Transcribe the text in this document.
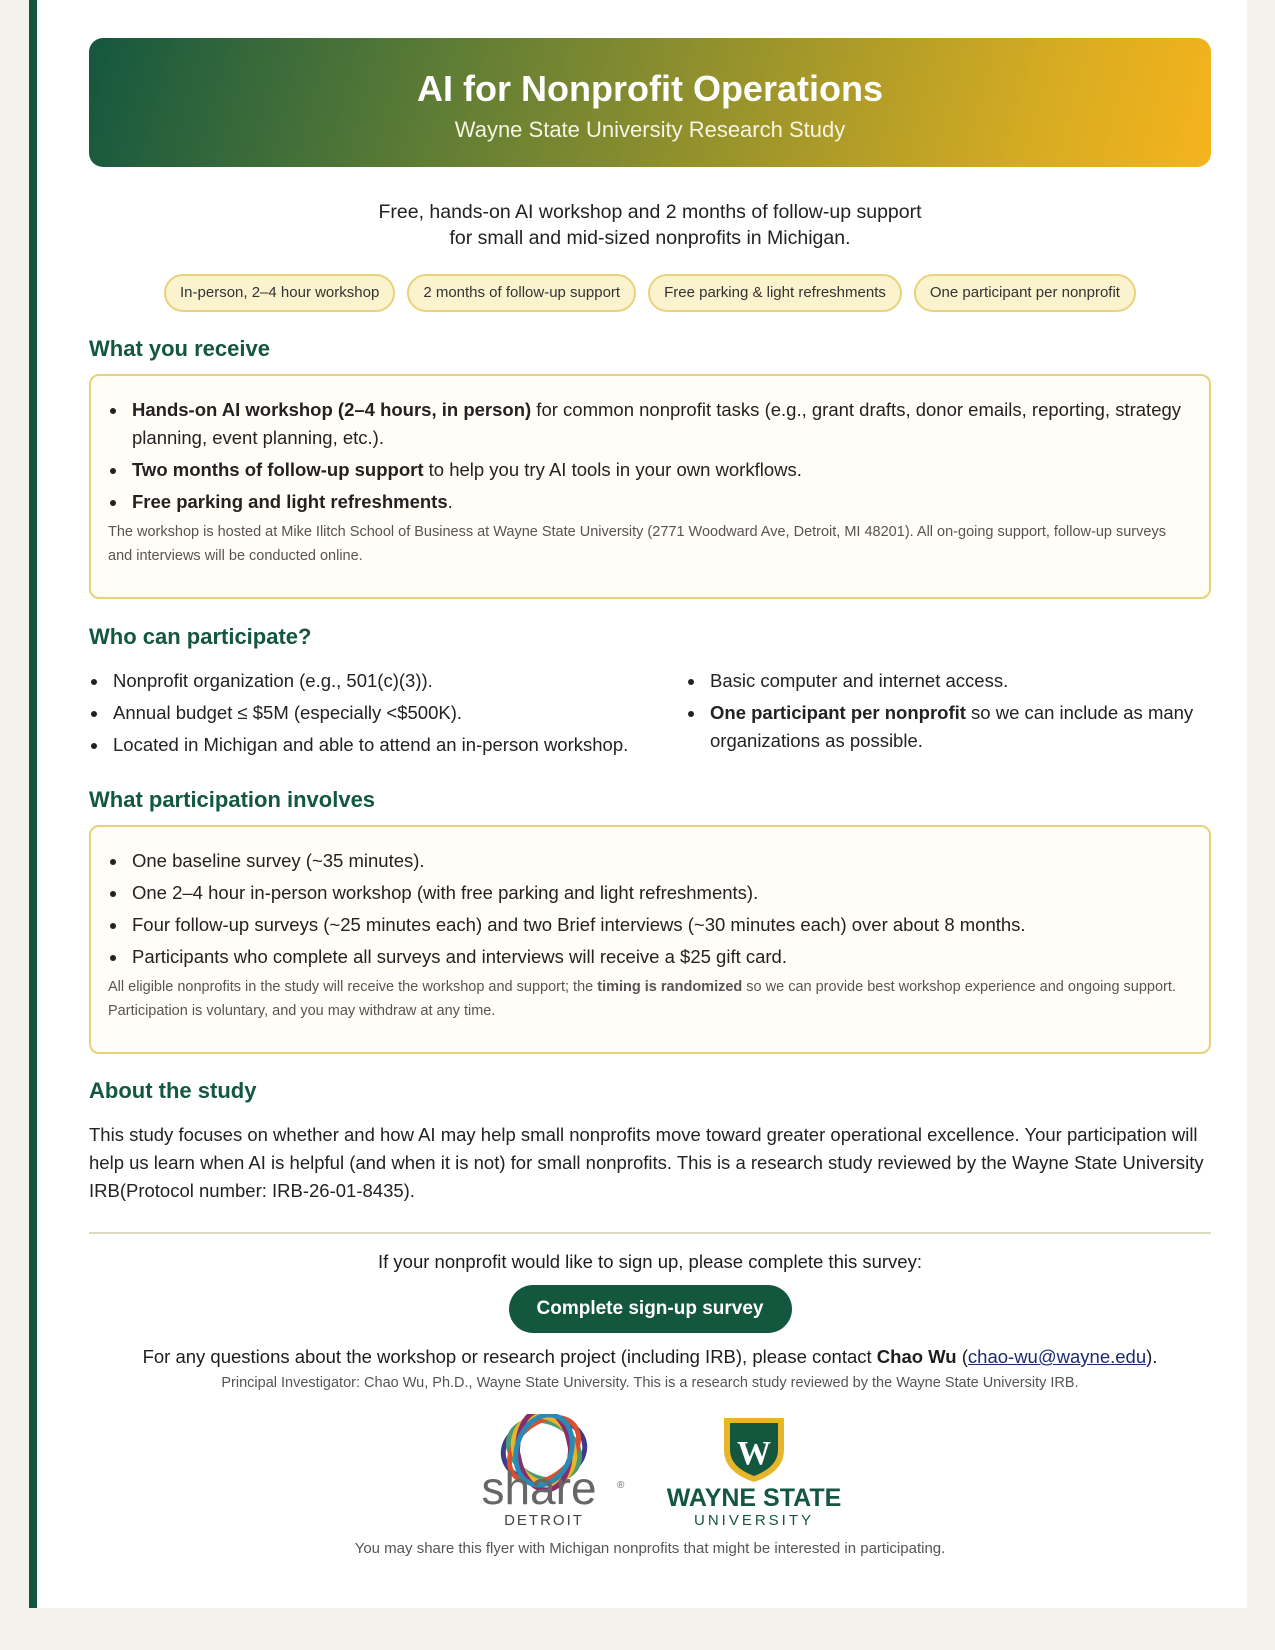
AI for Nonprofit Operations
Wayne State University Research Study
Free, hands-on AI workshop and 2 months of follow-up support
for small and mid-sized nonprofits in Michigan.
In-person, 2–4 hour workshop	2 months of follow-up support	Free parking & light refreshments	One participant per nonprofit
What you receive
Hands-on AI workshop (2–4 hours, in person) for common nonprofit tasks (e.g., grant drafts, donor emails, reporting, strategy planning, event planning, etc.).
Two months of follow-up support to help you try AI tools in your own workflows.
Free parking and light refreshments.
The workshop is hosted at Mike Ilitch School of Business at Wayne State University (2771 Woodward Ave, Detroit, MI 48201). All on-going support, follow-up surveys and interviews will be conducted online.
Who can participate?
Nonprofit organization (e.g., 501(c)(3)).
Annual budget ≤ $5M (especially <$500K).
Located in Michigan and able to attend an in-person workshop.
Basic computer and internet access.
One participant per nonprofit so we can include as many organizations as possible.
What participation involves
One baseline survey (~35 minutes).
One 2–4 hour in-person workshop (with free parking and light refreshments).
Four follow-up surveys (~25 minutes each) and two Brief interviews (~30 minutes each) over about 8 months.
Participants who complete all surveys and interviews will receive a $25 gift card.
All eligible nonprofits in the study will receive the workshop and support; the timing is randomized so we can provide best workshop experience and ongoing support. Participation is voluntary, and you may withdraw at any time.
About the study
This study focuses on whether and how AI may help small nonprofits move toward greater operational excellence. Your participation will help us learn when AI is helpful (and when it is not) for small nonprofits. This is a research study reviewed by the Wayne State University IRB(Protocol number: IRB-26-01-8435).
If your nonprofit would like to sign up, please complete this survey:
Complete sign-up survey
For any questions about the workshop or research project (including IRB), please contact Chao Wu (chao-wu@wayne.edu).
Principal Investigator: Chao Wu, Ph.D., Wayne State University. This is a research study reviewed by the Wayne State University IRB.
share ®
DETROIT
W
WAYNE STATE
UNIVERSITY
You may share this flyer with Michigan nonprofits that might be interested in participating.
